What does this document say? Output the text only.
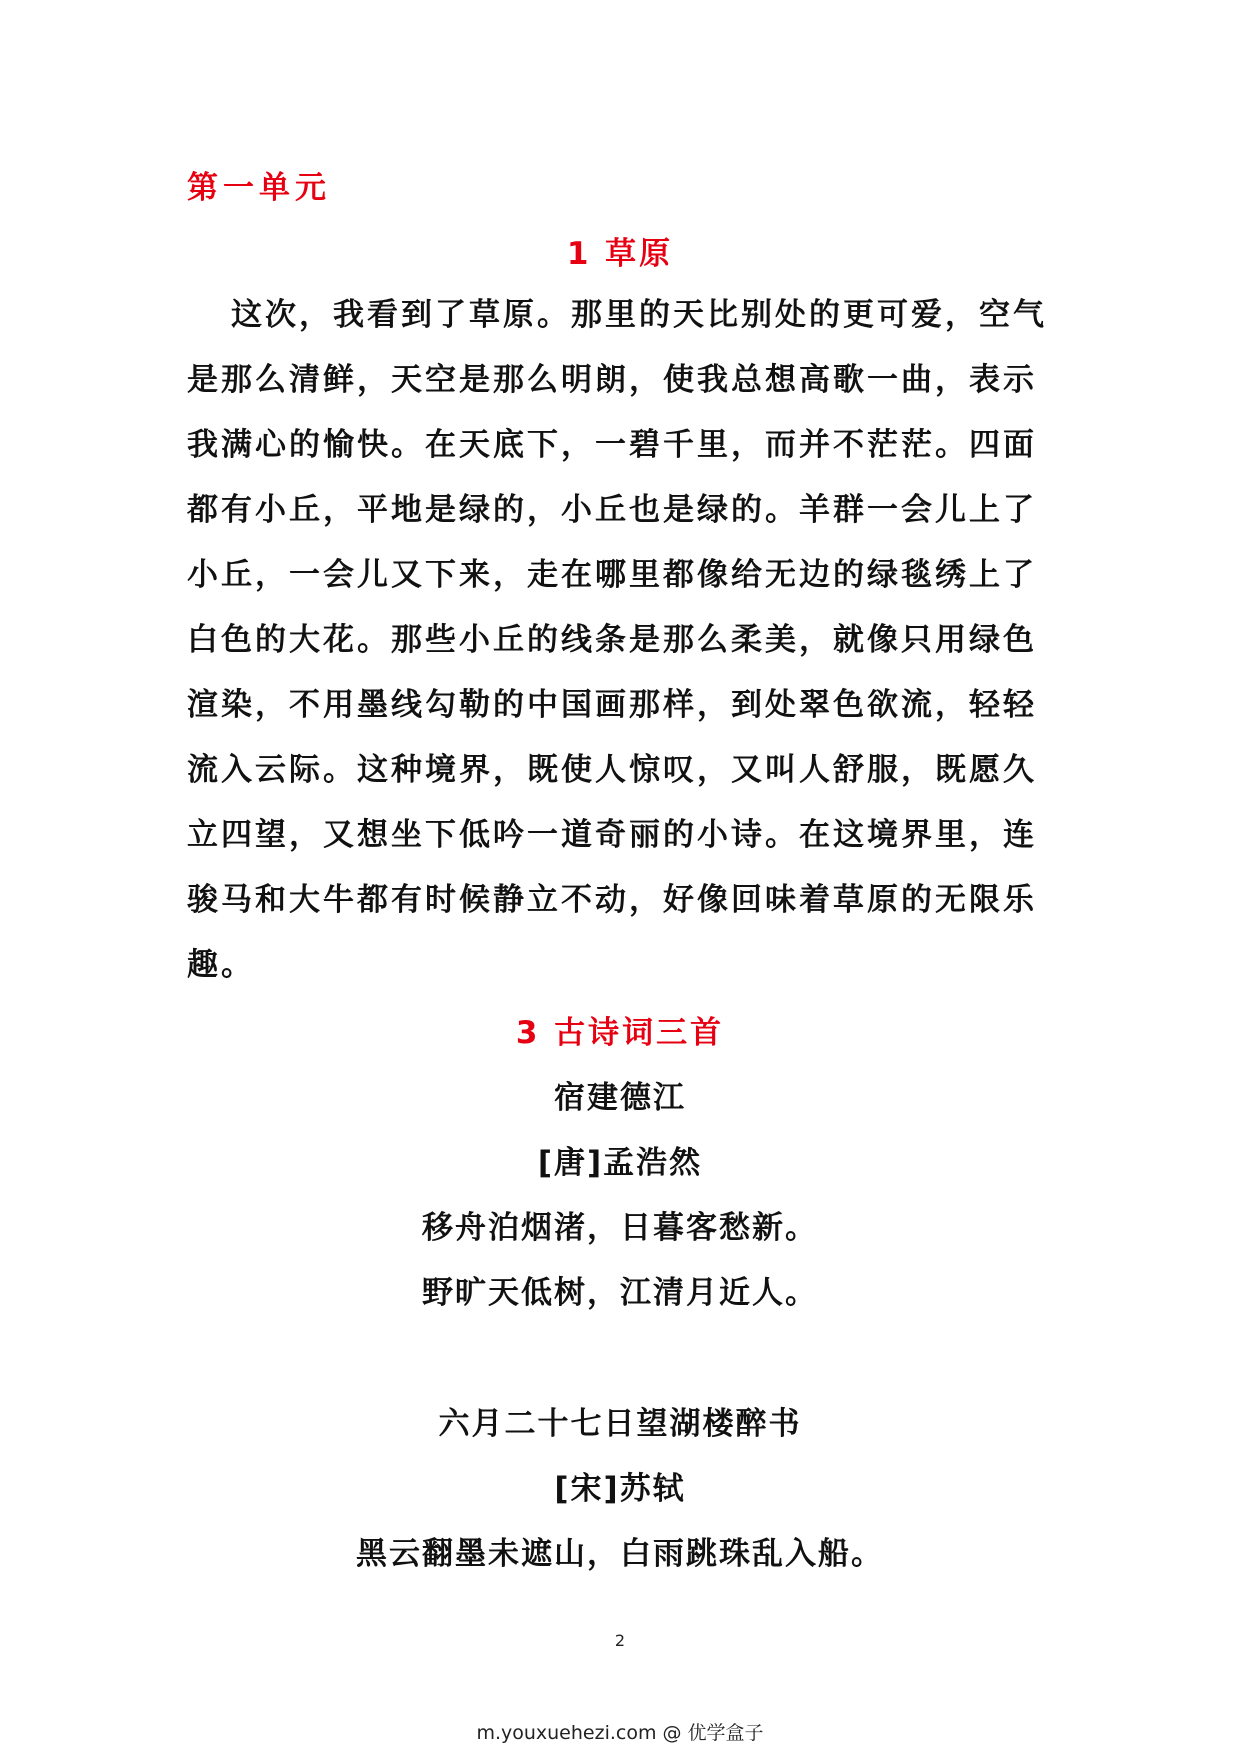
第一单元
1 草原

这次，我看到了草原。那里的天比别处的更可爱，空气是那么清鲜，天空是那么明朗，使我总想高歌一曲，表示我满心的愉快。在天底下，一碧千里，而并不茫茫。四面都有小丘，平地是绿的，小丘也是绿的。羊群一会儿上了小丘，一会儿又下来，走在哪里都像给无边的绿毯绣上了白色的大花。那些小丘的线条是那么柔美，就像只用绿色渲染，不用墨线勾勒的中国画那样，到处翠色欲流，轻轻流入云际。这种境界，既使人惊叹，又叫人舒服，既愿久立四望，又想坐下低吟一道奇丽的小诗。在这境界里，连骏马和大牛都有时候静立不动，好像回味着草原的无限乐趣。

3 古诗词三首
宿建德江
[唐]孟浩然
移舟泊烟渚，日暮客愁新。
野旷天低树，江清月近人。
六月二十七日望湖楼醉书
[宋]苏轼
黑云翻墨未遮山，白雨跳珠乱入船。
2
m.youxuehezi.com @ 优学盒子
